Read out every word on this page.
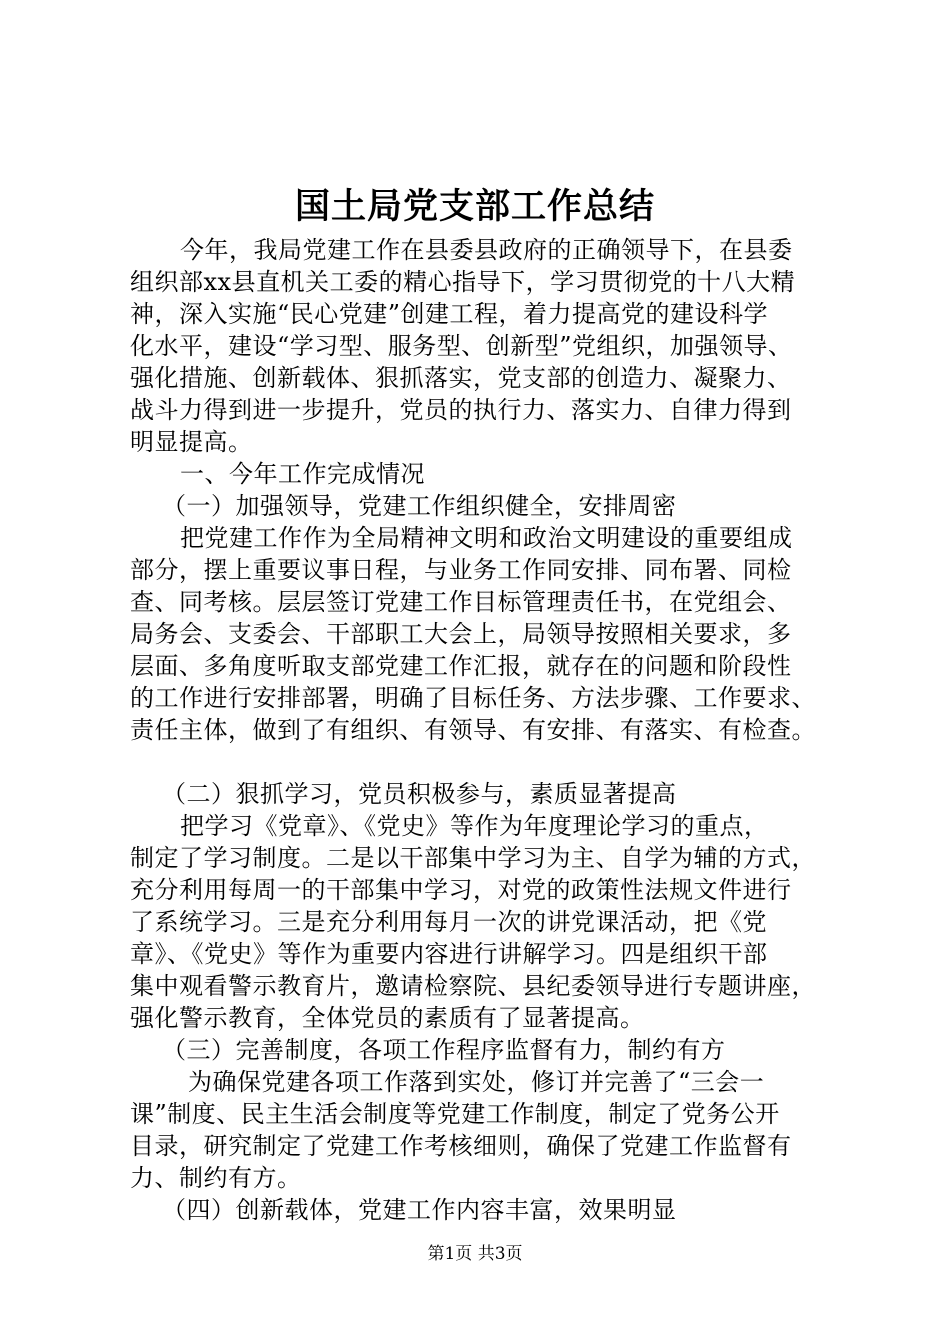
国土局党支部工作总结
今年，我局党建工作在县委县政府的正确领导下，在县委
组织部xx县直机关工委的精心指导下，学习贯彻党的十八大精
神，深入实施“民心党建”创建工程，着力提高党的建设科学
化水平，建设“学习型、服务型、创新型”党组织，加强领导、
强化措施、创新载体、狠抓落实，党支部的创造力、凝聚力、
战斗力得到进一步提升，党员的执行力、落实力、自律力得到
明显提高。
一、今年工作完成情况
（一）加强领导，党建工作组织健全，安排周密
把党建工作作为全局精神文明和政治文明建设的重要组成
部分，摆上重要议事日程，与业务工作同安排、同布署、同检
查、同考核。层层签订党建工作目标管理责任书，在党组会、
局务会、支委会、干部职工大会上，局领导按照相关要求，多
层面、多角度听取支部党建工作汇报，就存在的问题和阶段性
的工作进行安排部署，明确了目标任务、方法步骤、工作要求、
责任主体，做到了有组织、有领导、有安排、有落实、有检查。
（二）狠抓学习，党员积极参与，素质显著提高
把学习《党章》、《党史》等作为年度理论学习的重点，
制定了学习制度。二是以干部集中学习为主、自学为辅的方式，
充分利用每周一的干部集中学习，对党的政策性法规文件进行
了系统学习。三是充分利用每月一次的讲党课活动，把《党
章》、《党史》等作为重要内容进行讲解学习。四是组织干部
集中观看警示教育片，邀请检察院、县纪委领导进行专题讲座，
强化警示教育，全体党员的素质有了显著提高。
（三）完善制度，各项工作程序监督有力，制约有方
为确保党建各项工作落到实处，修订并完善了“三会一
课”制度、民主生活会制度等党建工作制度，制定了党务公开
目录，研究制定了党建工作考核细则，确保了党建工作监督有
力、制约有方。
（四）创新载体，党建工作内容丰富，效果明显
第1页 共3页
